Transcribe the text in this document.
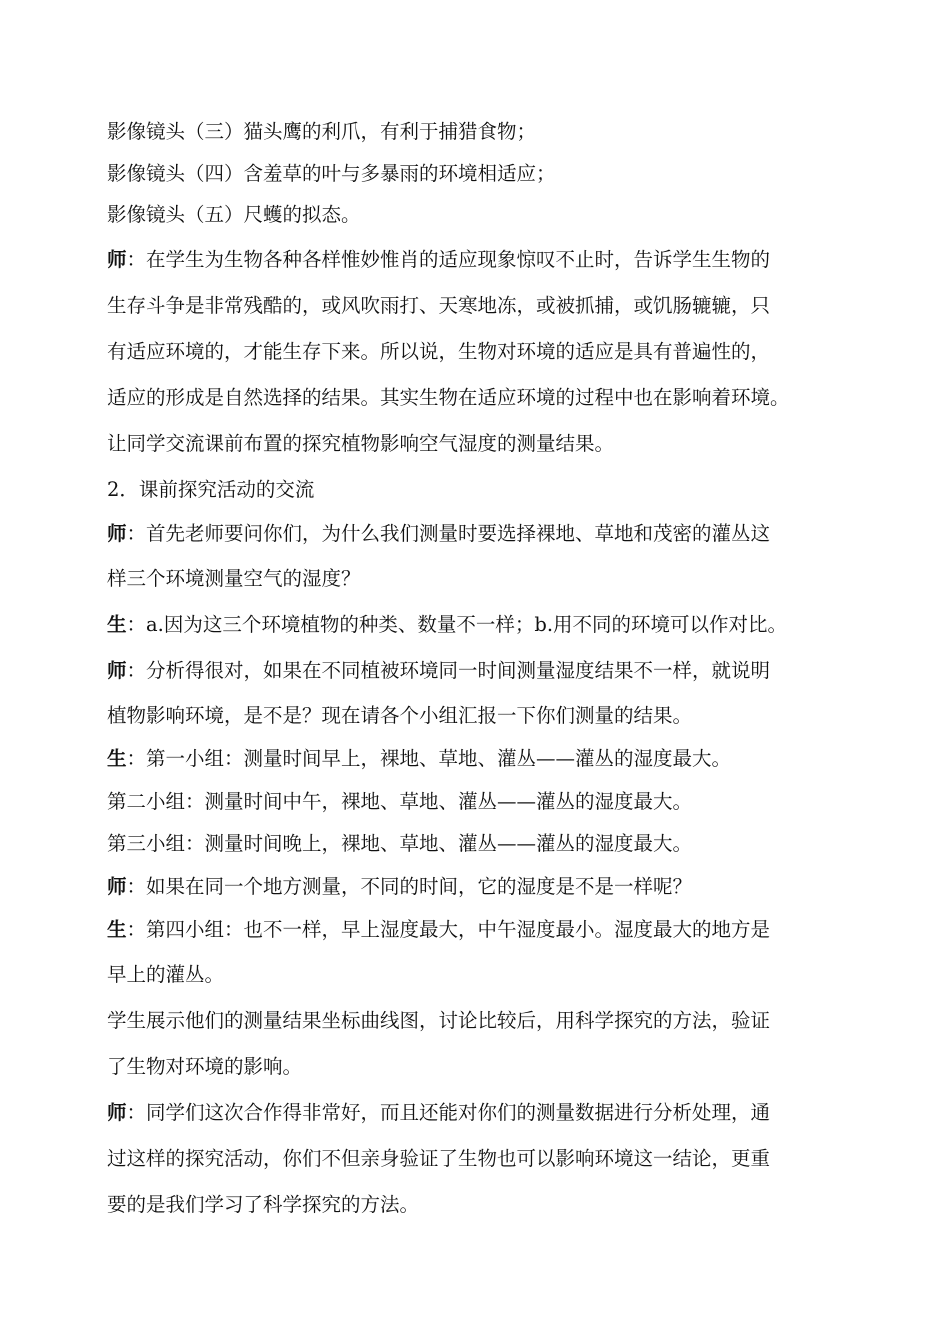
影像镜头（三）猫头鹰的利爪，有利于捕猎食物；
影像镜头（四）含羞草的叶与多暴雨的环境相适应；
影像镜头（五）尺蠖的拟态。
师：在学生为生物各种各样惟妙惟肖的适应现象惊叹不止时，告诉学生生物的
生存斗争是非常残酷的，或风吹雨打、天寒地冻，或被抓捕，或饥肠辘辘，只
有适应环境的，才能生存下来。所以说，生物对环境的适应是具有普遍性的，
适应的形成是自然选择的结果。其实生物在适应环境的过程中也在影响着环境。
让同学交流课前布置的探究植物影响空气湿度的测量结果。
2．课前探究活动的交流
师：首先老师要问你们，为什么我们测量时要选择裸地、草地和茂密的灌丛这
样三个环境测量空气的湿度？
生：a.因为这三个环境植物的种类、数量不一样；b.用不同的环境可以作对比。
师：分析得很对，如果在不同植被环境同一时间测量湿度结果不一样，就说明
植物影响环境，是不是？现在请各个小组汇报一下你们测量的结果。
生：第一小组：测量时间早上，裸地、草地、灌丛——灌丛的湿度最大。
第二小组：测量时间中午，裸地、草地、灌丛——灌丛的湿度最大。
第三小组：测量时间晚上，裸地、草地、灌丛——灌丛的湿度最大。
师：如果在同一个地方测量，不同的时间，它的湿度是不是一样呢？
生：第四小组：也不一样，早上湿度最大，中午湿度最小。湿度最大的地方是
早上的灌丛。
学生展示他们的测量结果坐标曲线图，讨论比较后，用科学探究的方法，验证
了生物对环境的影响。
师：同学们这次合作得非常好，而且还能对你们的测量数据进行分析处理，通
过这样的探究活动，你们不但亲身验证了生物也可以影响环境这一结论，更重
要的是我们学习了科学探究的方法。
